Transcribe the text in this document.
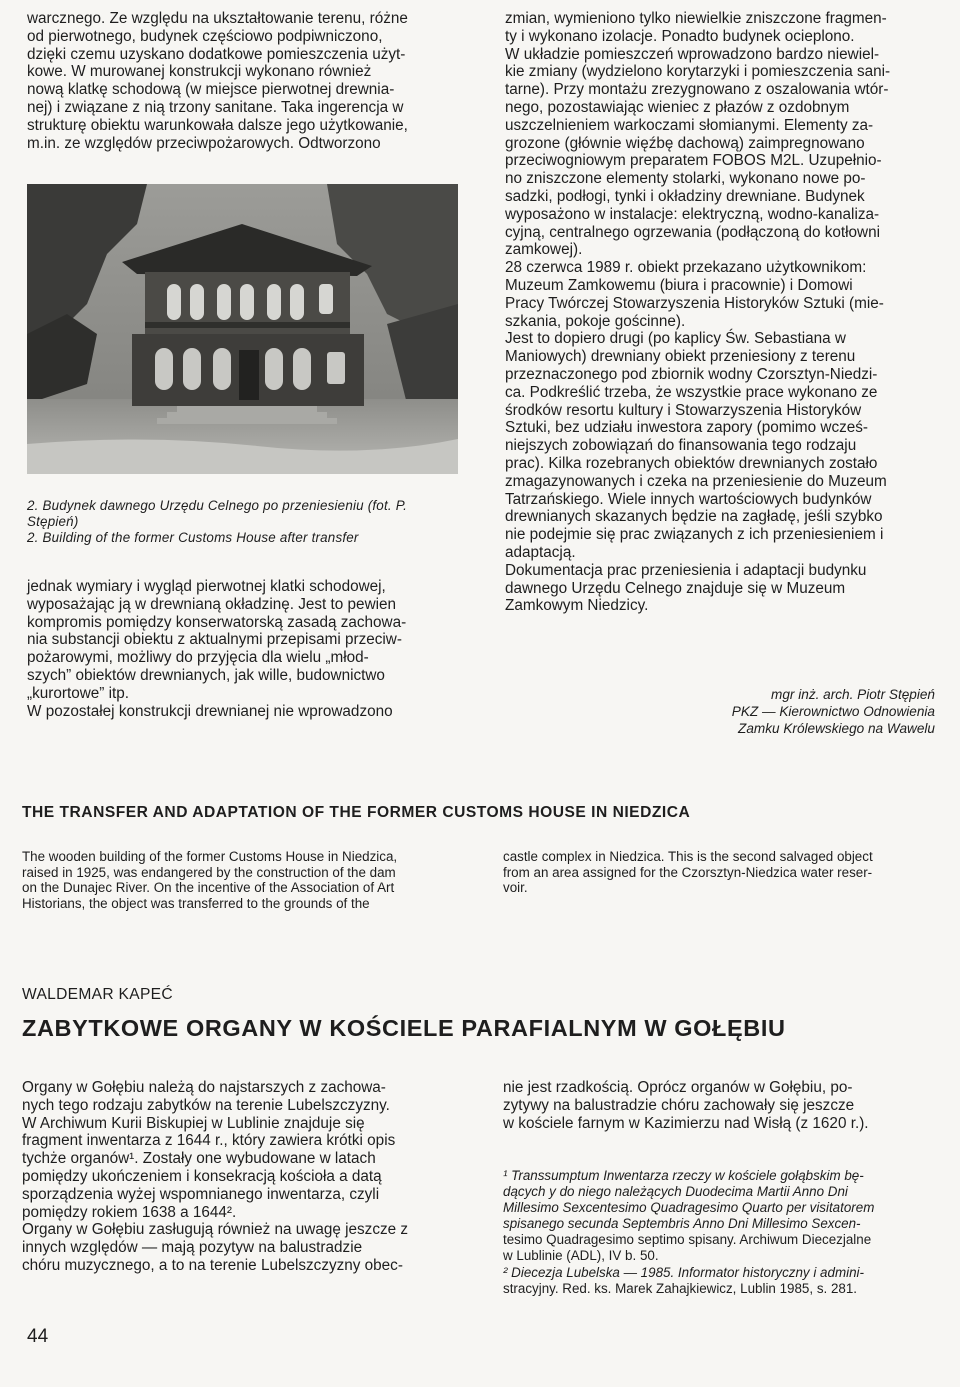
warcznego. Ze względu na ukształtowanie terenu, różne

od pierwotnego, budynek częściowo podpiwniczono,

dzięki czemu uzyskano dodatkowe pomieszczenia użyt-

kowe. W murowanej konstrukcji wykonano również

nową klatkę schodową (w miejsce pierwotnej drewnia-

nej) i związane z nią trzony sanitane. Taka ingerencja w

strukturę obiektu warunkowała dalsze jego użytkowanie,

m.in. ze względów przeciwpożarowych. Odtworzono

2. Budynek dawnego Urzędu Celnego po przeniesieniu (fot. P.

Stępień)

2. Building of the former Customs House after transfer

jednak wymiary i wygląd pierwotnej klatki schodowej,

wyposażając ją w drewnianą okładzinę. Jest to pewien

kompromis pomiędzy konserwatorską zasadą zachowa-

nia substancji obiektu z aktualnymi przepisami przeciw-

pożarowymi, możliwy do przyjęcia dla wielu „młod-

szych” obiektów drewnianych, jak wille, budownictwo

„kurortowe” itp.

W pozostałej konstrukcji drewnianej nie wprowadzono

zmian, wymieniono tylko niewielkie zniszczone fragmen-

ty i wykonano izolacje. Ponadto budynek ocieplono.

W układzie pomieszczeń wprowadzono bardzo niewiel-

kie zmiany (wydzielono korytarzyki i pomieszczenia sani-

tarne). Przy montażu zrezygnowano z oszalowania wtór-

nego, pozostawiając wieniec z płazów z ozdobnym

uszczelnieniem warkoczami słomianymi. Elementy za-

grozone (głównie więźbę dachową) zaimpregnowano

przeciwogniowym preparatem FOBOS M2L. Uzupełnio-

no zniszczone elementy stolarki, wykonano nowe po-

sadzki, podłogi, tynki i okładziny drewniane. Budynek

wyposażono w instalacje: elektryczną, wodno-kanaliza-

cyjną, centralnego ogrzewania (podłączoną do kotłowni

zamkowej).

28 czerwca 1989 r. obiekt przekazano użytkownikom:

Muzeum Zamkowemu (biura i pracownie) i Domowi

Pracy Twórczej Stowarzyszenia Historyków Sztuki (mie-

szkania, pokoje gościnne).

Jest to dopiero drugi (po kaplicy Św. Sebastiana w

Maniowych) drewniany obiekt przeniesiony z terenu

przeznaczonego pod zbiornik wodny Czorsztyn-Niedzi-

ca. Podkreślić trzeba, że wszystkie prace wykonano ze

środków resortu kultury i Stowarzyszenia Historyków

Sztuki, bez udziału inwestora zapory (pomimo wcześ-

niejszych zobowiązań do finansowania tego rodzaju

prac). Kilka rozebranych obiektów drewnianych zostało

zmagazynowanych i czeka na przeniesienie do Muzeum

Tatrzańskiego. Wiele innych wartościowych budynków

drewnianych skazanych będzie na zagładę, jeśli szybko

nie podejmie się prac związanych z ich przeniesieniem i

adaptacją.

Dokumentacja prac przeniesienia i adaptacji budynku

dawnego Urzędu Celnego znajduje się w Muzeum

Zamkowym Niedzicy.

mgr inż. arch. Piotr Stępień
PKZ — Kierownictwo Odnowienia
Zamku Królewskiego na Wawelu
THE TRANSFER AND ADAPTATION OF THE FORMER CUSTOMS HOUSE IN NIEDZICA

The wooden building of the former Customs House in Niedzica,

raised in 1925, was endangered by the construction of the dam

on the Dunajec River. On the incentive of the Association of Art

Historians, the object was transferred to the grounds of the

castle complex in Niedzica. This is the second salvaged object

from an area assigned for the Czorsztyn-Niedzica water reser-

voir.

WALDEMAR KAPEĆ
ZABYTKOWE ORGANY W KOŚCIELE PARAFIALNYM W GOŁĘBIU

Organy w Gołębiu należą do najstarszych z zachowa-

nych tego rodzaju zabytków na terenie Lubelszczyzny.

W Archiwum Kurii Biskupiej w Lublinie znajduje się

fragment inwentarza z 1644 r., który zawiera krótki opis

tychże organów¹. Zostały one wybudowane w latach

pomiędzy ukończeniem i konsekracją kościoła a datą

sporządzenia wyżej wspomnianego inwentarza, czyli

pomiędzy rokiem 1638 a 1644².

Organy w Gołębiu zasługują również na uwagę jeszcze z

innych względów — mają pozytyw na balustradzie

chóru muzycznego, a to na terenie Lubelszczyzny obec-

nie jest rzadkością. Oprócz organów w Gołębiu, po-

zytywy na balustradzie chóru zachowały się jeszcze

w kościele farnym w Kazimierzu nad Wisłą (z 1620 r.).

¹ Transsumptum Inwentarza rzeczy w kościele gołąbskim bę-

dących y do niego należących Duodecima Martii Anno Dni

Millesimo Sexcentesimo Quadragesimo Quarto per visitatorem

spisanego secunda Septembris Anno Dni Millesimo Sexcen-

tesimo Quadragesimo septimo spisany. Archiwum Diecezjalne

w Lublinie (ADL), IV b. 50.

² Diecezja Lubelska — 1985. Informator historyczny i admini-

stracyjny. Red. ks. Marek Zahajkiewicz, Lublin 1985, s. 281.

44
